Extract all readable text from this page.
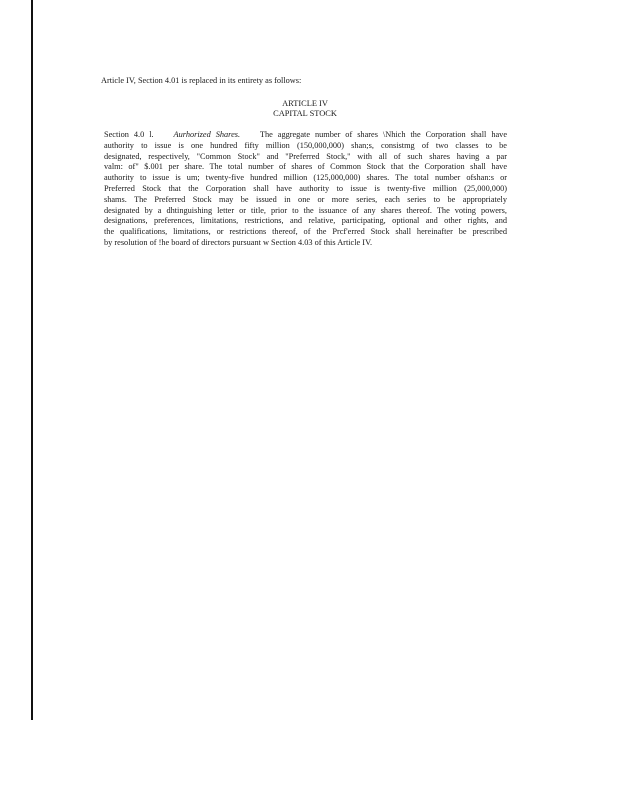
Article IV, Section 4.01 is replaced in its entirety as follows:
ARTICLE IV
CAPITAL STOCK
Section 4.0 l. Aurhorized Shares. The aggregate number of shares \Nhich the Corporation shall have
authority to issue is one hundred fifty million (150,000,000) shan;s, consistmg of two classes to be
designated, respectively, "Common Stock" and "Preferred Stock," with all of such shares having a par
valm: of" $.001 per share. The total number of shares of Common Stock that the Corporation shall have
authority to issue is um; twenty-five hundred million (125,000,000) shares. The total number ofshan:s or
Preferred Stock that the Corporation shall have authority to issue is twenty-five million (25,000,000)
shams. The Preferred Stock may be issued in one or more series, each series to be appropriately
designated by a dhtinguishing letter or title, prior to the issuance of any shares thereof. The voting powers,
designations, preferences, limitations, restrictions, and relative, participating, optional and other rights, and
the qualifications, limitations, or restrictions thereof, of the Prcf'erred Stock shall hereinafter be prescribed
by resolution of !he board of directors pursuant w Section 4.03 of this Article IV.
